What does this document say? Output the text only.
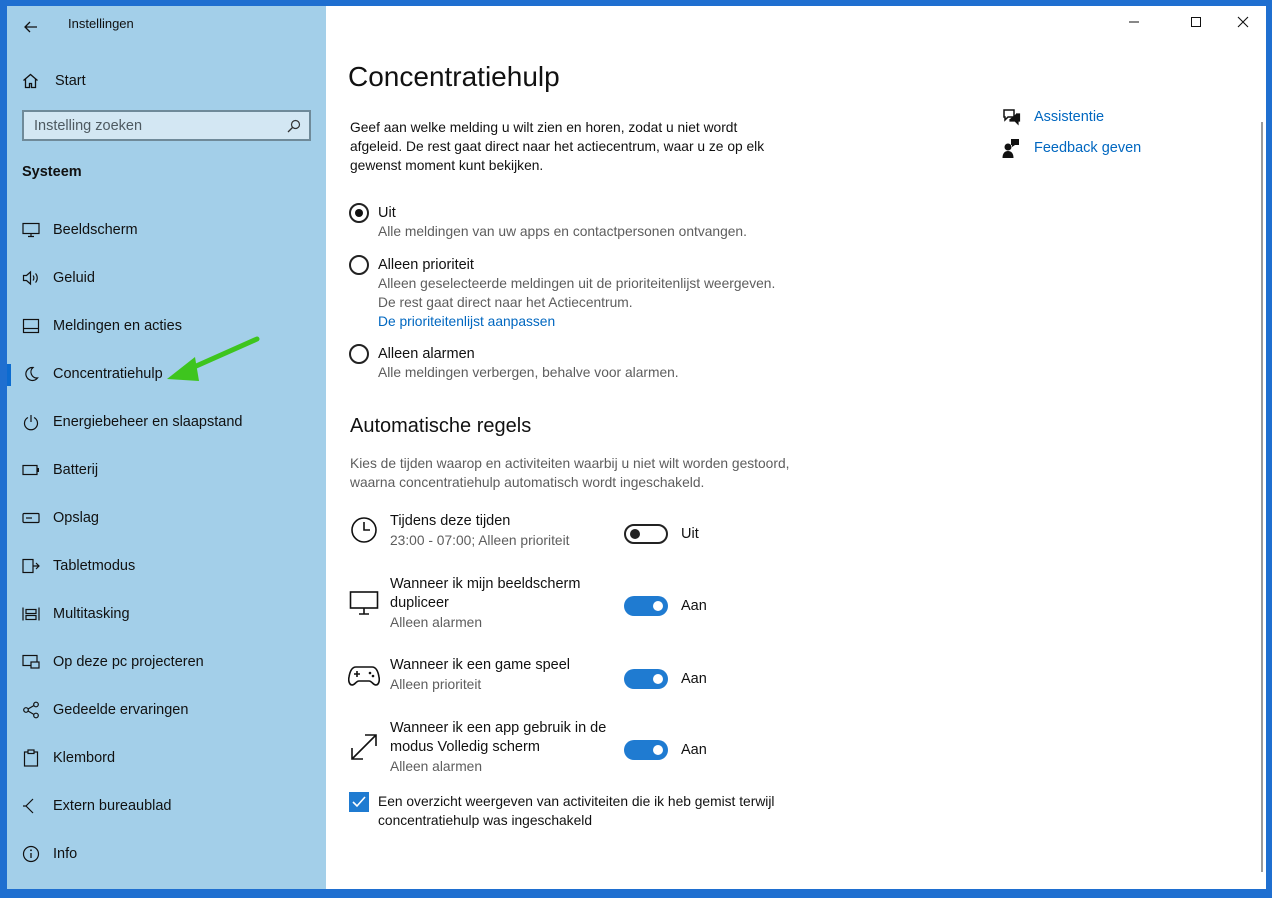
Instellingen
Start
Instelling zoeken
Systeem
Beeldscherm
Geluid
Meldingen en acties
Concentratiehulp
Energiebeheer en slaapstand
Batterij
Opslag
Tabletmodus
Multitasking
Op deze pc projecteren
Gedeelde ervaringen
Klembord
Extern bureaublad
Info
Concentratiehulp
Geef aan welke melding u wilt zien en horen, zodat u niet wordt afgeleid. De rest gaat direct naar het actiecentrum, waar u ze op elk gewenst moment kunt bekijken.
Uit
Alle meldingen van uw apps en contactpersonen ontvangen.
Alleen prioriteit
Alleen geselecteerde meldingen uit de prioriteitenlijst weergeven.
De rest gaat direct naar het Actiecentrum.
De prioriteitenlijst aanpassen
Alleen alarmen
Alle meldingen verbergen, behalve voor alarmen.
Automatische regels
Kies de tijden waarop en activiteiten waarbij u niet wilt worden gestoord, waarna concentratiehulp automatisch wordt ingeschakeld.
Tijdens deze tijden
23:00 - 07:00; Alleen prioriteit	Uit
Wanneer ik mijn beeldscherm dupliceer
Alleen alarmen
Aan
Wanneer ik een game speel
Alleen prioriteit	Aan
Wanneer ik een app gebruik in de modus Volledig scherm
Alleen alarmen
Aan
Een overzicht weergeven van activiteiten die ik heb gemist terwijl concentratiehulp was ingeschakeld
Assistentie
Feedback geven
